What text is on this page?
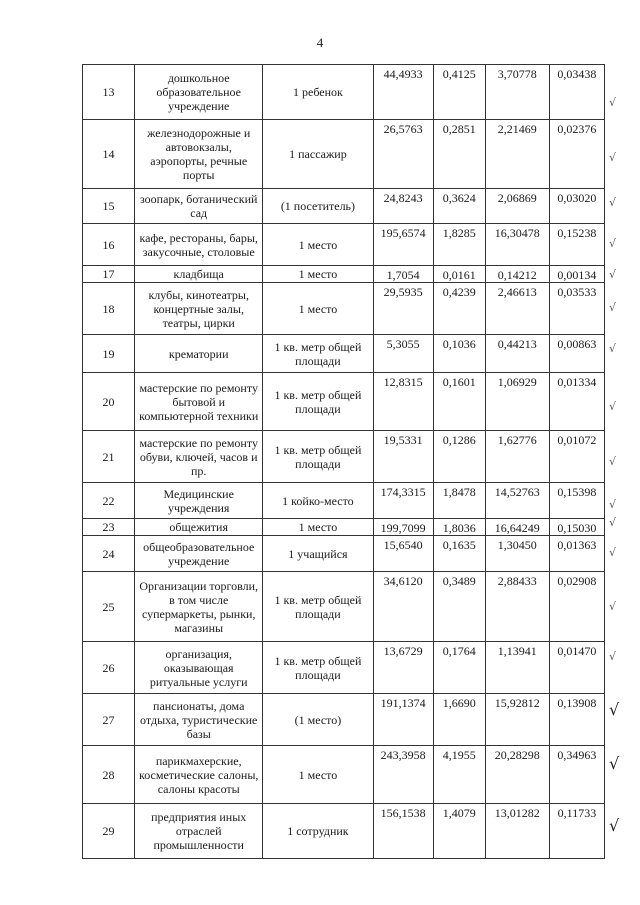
4
13	дошкольное образовательное учреждение	1 ребенок	44,4933	0,4125	3,70778	0,03438
14	железнодорожные и автовокзалы, аэропорты, речные порты	1 пассажир	26,5763	0,2851	2,21469	0,02376
15	зоопарк, ботанический сад	(1 посетитель)	24,8243	0,3624	2,06869	0,03020
16	кафе, рестораны, бары, закусочные, столовые	1 место	195,6574	1,8285	16,30478	0,15238
17	кладбища	1 место	1,7054	0,0161	0,14212	0,00134
18	клубы, кинотеатры, концертные залы, театры, цирки	1 место	29,5935	0,4239	2,46613	0,03533
19	крематории	1 кв. метр общей площади	5,3055	0,1036	0,44213	0,00863
20	мастерские по ремонту бытовой и компьютерной техники	1 кв. метр общей площади	12,8315	0,1601	1,06929	0,01334
21	мастерские по ремонту обуви, ключей, часов и пр.	1 кв. метр общей площади	19,5331	0,1286	1,62776	0,01072
22	Медицинские учреждения	1 койко-место	174,3315	1,8478	14,52763	0,15398
23	общежития	1 место	199,7099	1,8036	16,64249	0,15030
24	общеобразовательное учреждение	1 учащийся	15,6540	0,1635	1,30450	0,01363
25	Организации торговли, в том числе супермаркеты, рынки, магазины	1 кв. метр общей площади	34,6120	0,3489	2,88433	0,02908
26	организация, оказывающая ритуальные услуги	1 кв. метр общей площади	13,6729	0,1764	1,13941	0,01470
27	пансионаты, дома отдыха, туристические базы	(1 место)	191,1374	1,6690	15,92812	0,13908
28	парикмахерские, косметические салоны, салоны красоты	1 место	243,3958	4,1955	20,28298	0,34963
29	предприятия иных отраслей промышленности	1 сотрудник	156,1538	1,4079	13,01282	0,11733
√
√
√
√
√
√
√
√
√
√
√
√
√
√
√
√
√
